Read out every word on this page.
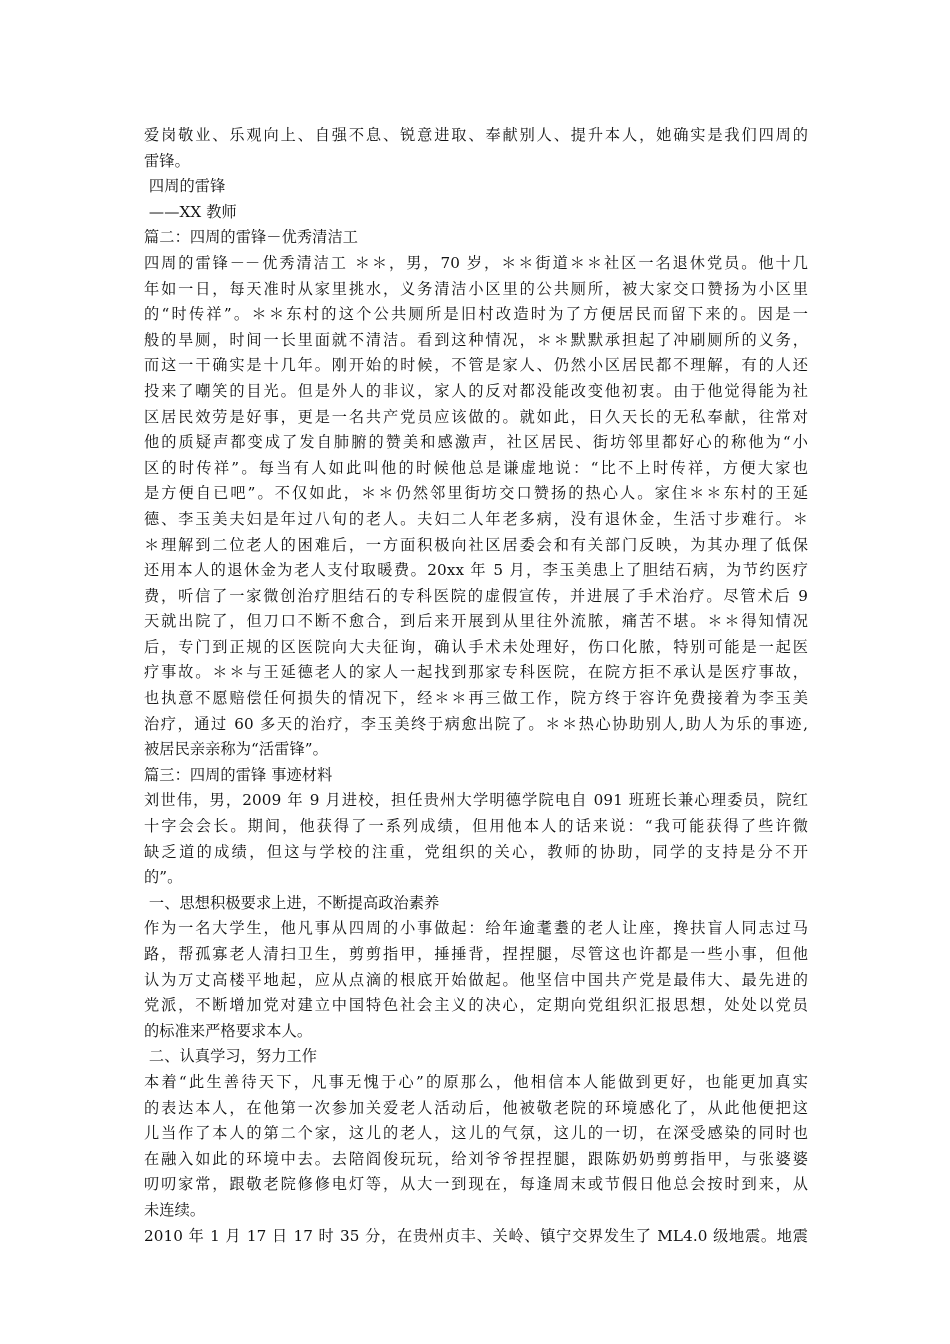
爱岗敬业、乐观向上、自强不息、锐意进取、奉献别人、提升本人，她确实是我们四周的
雷锋。
四周的雷锋
——XX 教师
篇二：四周的雷锋－优秀清洁工
四周的雷锋－－优秀清洁工 ＊＊，男，70 岁，＊＊街道＊＊社区一名退休党员。他十几
年如一日，每天准时从家里挑水，义务清洁小区里的公共厕所，被大家交口赞扬为小区里
的“时传祥”。＊＊东村的这个公共厕所是旧村改造时为了方便居民而留下来的。因是一
般的旱厕，时间一长里面就不清洁。看到这种情况，＊＊默默承担起了冲刷厕所的义务，
而这一干确实是十几年。刚开始的时候，不管是家人、仍然小区居民都不理解，有的人还
投来了嘲笑的目光。但是外人的非议，家人的反对都没能改变他初衷。由于他觉得能为社
区居民效劳是好事，更是一名共产党员应该做的。就如此，日久天长的无私奉献，往常对
他的质疑声都变成了发自肺腑的赞美和感激声，社区居民、街坊邻里都好心的称他为“小
区的时传祥”。每当有人如此叫他的时候他总是谦虚地说：“比不上时传祥，方便大家也
是方便自已吧”。不仅如此，＊＊仍然邻里街坊交口赞扬的热心人。家住＊＊东村的王延
德、李玉美夫妇是年过八旬的老人。夫妇二人年老多病，没有退休金，生活寸步难行。＊
＊理解到二位老人的困难后，一方面积极向社区居委会和有关部门反映，为其办理了低保
还用本人的退休金为老人支付取暖费。20xx 年 5 月，李玉美患上了胆结石病，为节约医疗
费，听信了一家微创治疗胆结石的专科医院的虚假宣传，并进展了手术治疗。尽管术后 9
天就出院了，但刀口不断不愈合，到后来开展到从里往外流脓，痛苦不堪。＊＊得知情况
后，专门到正规的区医院向大夫征询，确认手术未处理好，伤口化脓，特别可能是一起医
疗事故。＊＊与王延德老人的家人一起找到那家专科医院，在院方拒不承认是医疗事故，
也执意不愿赔偿任何损失的情况下，经＊＊再三做工作，院方终于容许免费接着为李玉美
治疗，通过 60 多天的治疗，李玉美终于病愈出院了。＊＊热心协助别人,助人为乐的事迹,
被居民亲亲称为“活雷锋”。
篇三：四周的雷锋 事迹材料
刘世伟，男，2009 年 9 月进校，担任贵州大学明德学院电自 091 班班长兼心理委员，院红
十字会会长。期间，他获得了一系列成绩，但用他本人的话来说：“我可能获得了些许微
缺乏道的成绩，但这与学校的注重，党组织的关心，教师的协助，同学的支持是分不开
的”。
一、思想积极要求上进，不断提高政治素养
作为一名大学生，他凡事从四周的小事做起：给年逾耄耋的老人让座，搀扶盲人同志过马
路，帮孤寡老人清扫卫生，剪剪指甲，捶捶背，捏捏腿，尽管这也许都是一些小事，但他
认为万丈高楼平地起，应从点滴的根底开始做起。他坚信中国共产党是最伟大、最先进的
党派，不断增加党对建立中国特色社会主义的决心，定期向党组织汇报思想，处处以党员
的标准来严格要求本人。
二、认真学习，努力工作
本着“此生善待天下，凡事无愧于心”的原那么，他相信本人能做到更好，也能更加真实
的表达本人，在他第一次参加关爱老人活动后，他被敬老院的环境感化了，从此他便把这
儿当作了本人的第二个家，这儿的老人，这儿的气氛，这儿的一切，在深受感染的同时也
在融入如此的环境中去。去陪阎俊玩玩，给刘爷爷捏捏腿，跟陈奶奶剪剪指甲，与张婆婆
叨叨家常，跟敬老院修修电灯等，从大一到现在，每逢周末或节假日他总会按时到来，从
未连续。
2010 年 1 月 17 日 17 时 35 分，在贵州贞丰、关岭、镇宁交界发生了 ML4.0 级地震。地震
